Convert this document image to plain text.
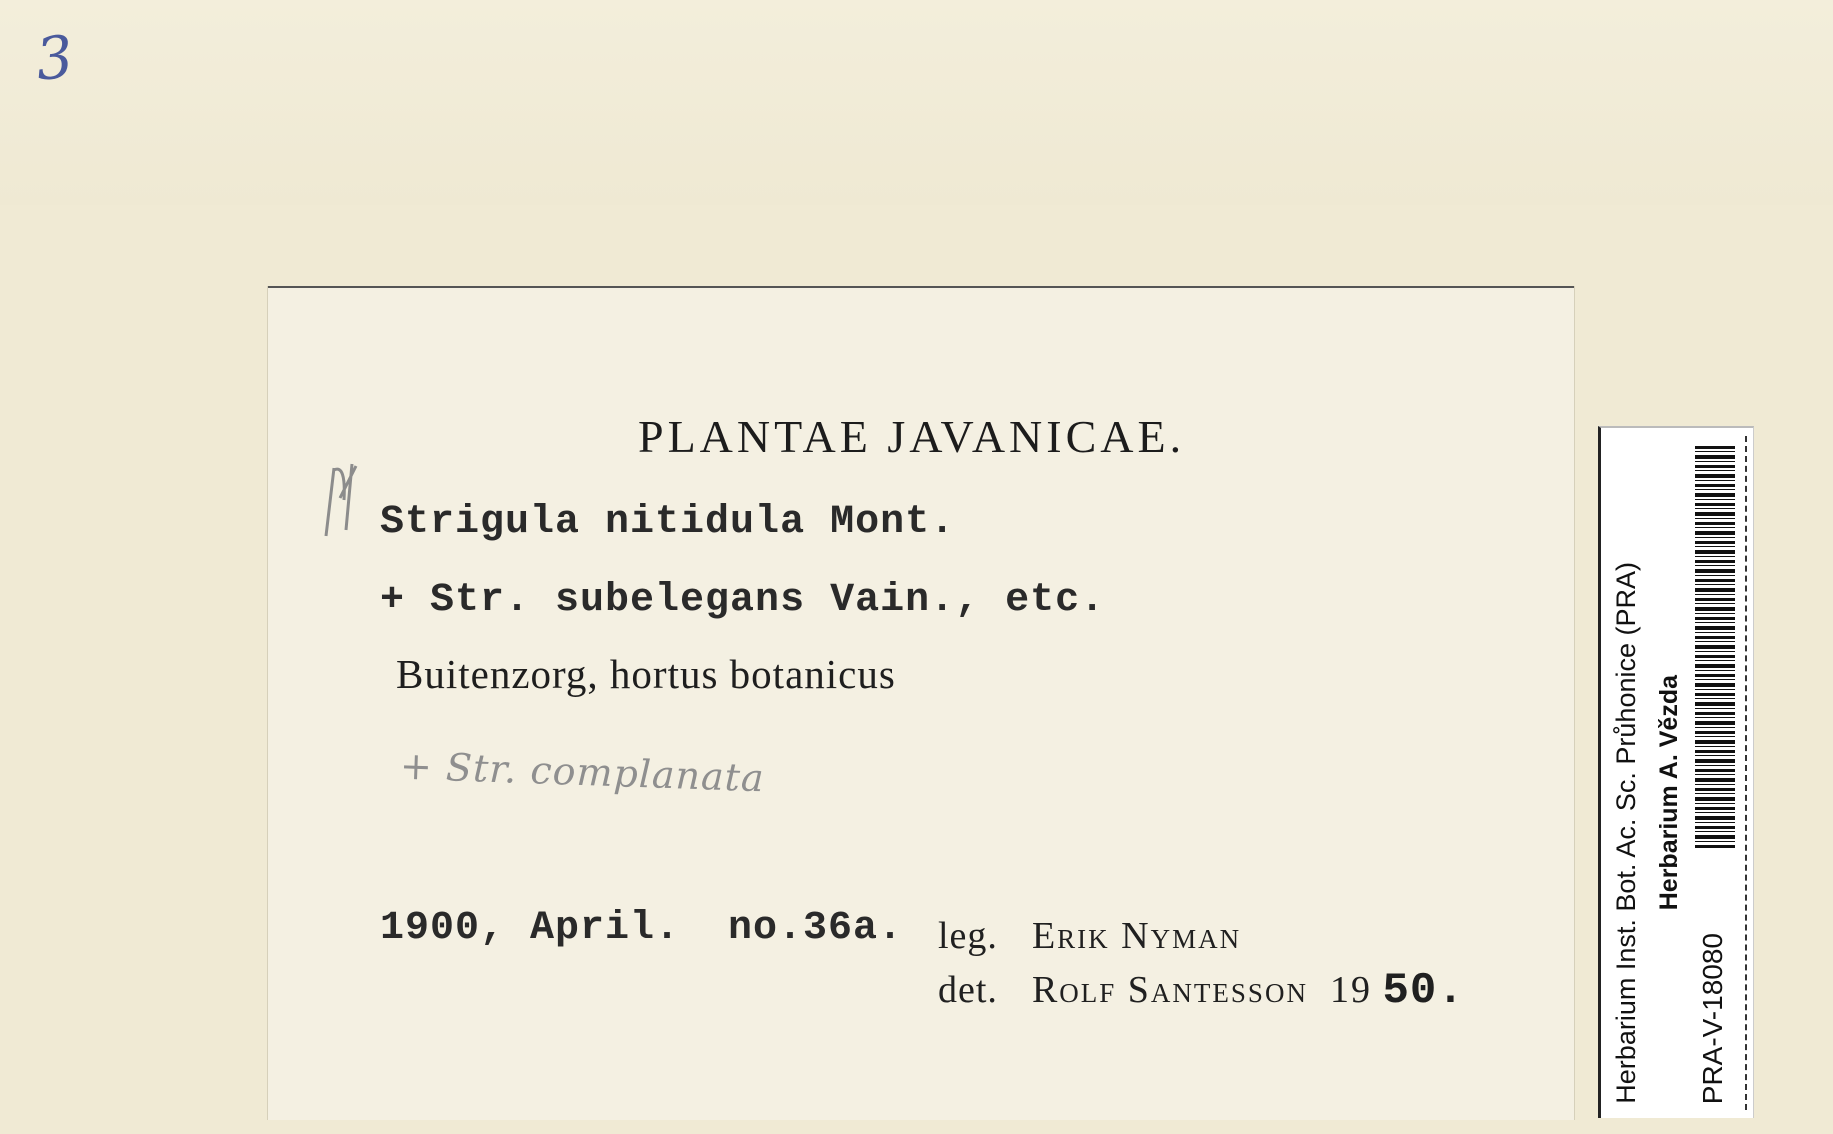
3
PLANTAE JAVANICAE.
Strigula nitidula Mont.
+ Str. subelegans Vain., etc.
Buitenzorg, hortus botanicus
+ Str. complanata
1900, April. no.36a. leg. Erik Nyman
det. Rolf Santesson 19 50.	Herbarium Inst. Bot. Ac. Sc. Průhonice (PRA) Herbarium A. Vězda
PRA-V-18080
